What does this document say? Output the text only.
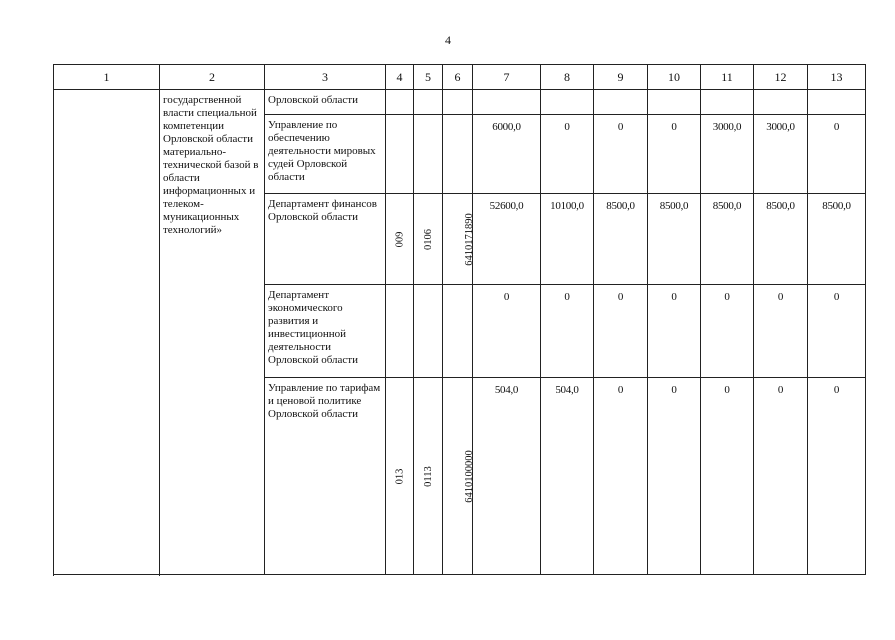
4
1	2	3	4	5	6	7	8	9	10	11	12	13
	государственной власти специальной компетенции Орловской области материально-технической базой в области информационных и телеком-муникационных технологий»	Орловской области										
		Управление по обеспечению деятельности мировых судей Орловской области				6000,0	0	0	0	3000,0	3000,0	0
		Департамент финансов Орловской области	009	0106	6410171890	52600,0	10100,0	8500,0	8500,0	8500,0	8500,0	8500,0
		Департамент экономического развития и инвестиционной деятельности Орловской области				0	0	0	0	0	0	0
		Управление по тарифам и ценовой политике Орловской области	013	0113	6410100000	504,0	504,0	0	0	0	0	0
